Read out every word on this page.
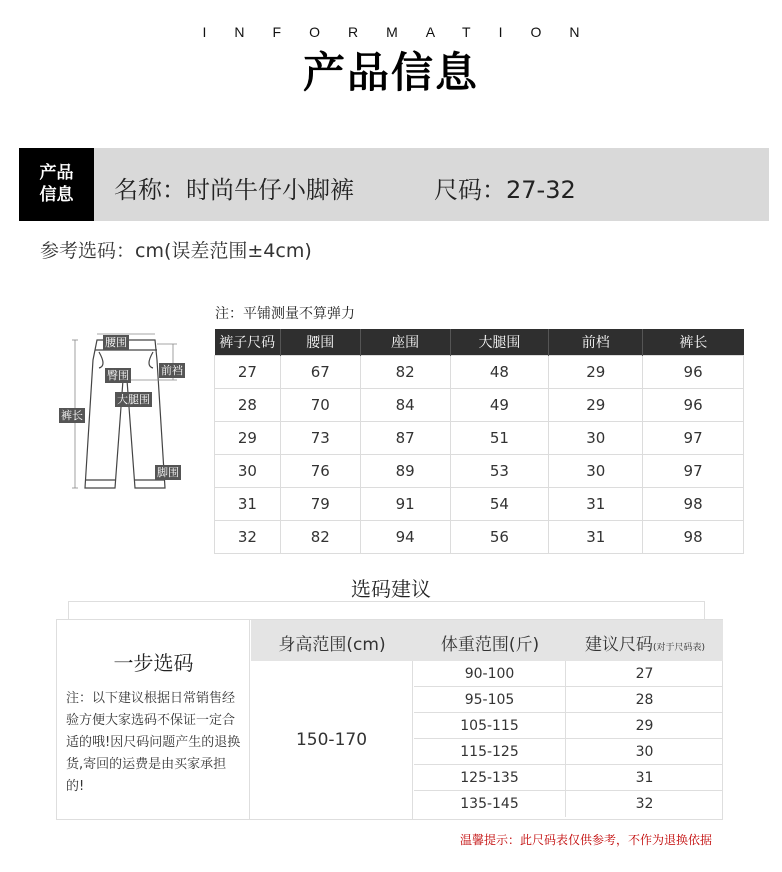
INFORMATION
产品信息
产品
信息	名称：时尚牛仔小脚裤	尺码：27-32
参考选码：cm(误差范围±4cm)
腰围
臀围	前裆
大腿围
裤长
脚围
注：平铺测量不算弹力
裤子尺码	腰围	座围	大腿围	前档	裤长
27	67	82	48	29	96
28	70	84	49	29	96
29	73	87	51	30	97
30	76	89	53	30	97
31	79	91	54	31	98
32	82	94	56	31	98
选码建议
一步选码
注：以下建议根据日常销售经验方便大家选码不保证一定合适的哦!因尺码问题产生的退换货,寄回的运费是由买家承担的!
身高范围(cm)	体重范围(斤)	建议尺码(对于尺码表)
150-170
90-100	27
95-105	28
105-115	29
115-125	30
125-135	31
135-145	32
温馨提示：此尺码表仅供参考，不作为退换依据
